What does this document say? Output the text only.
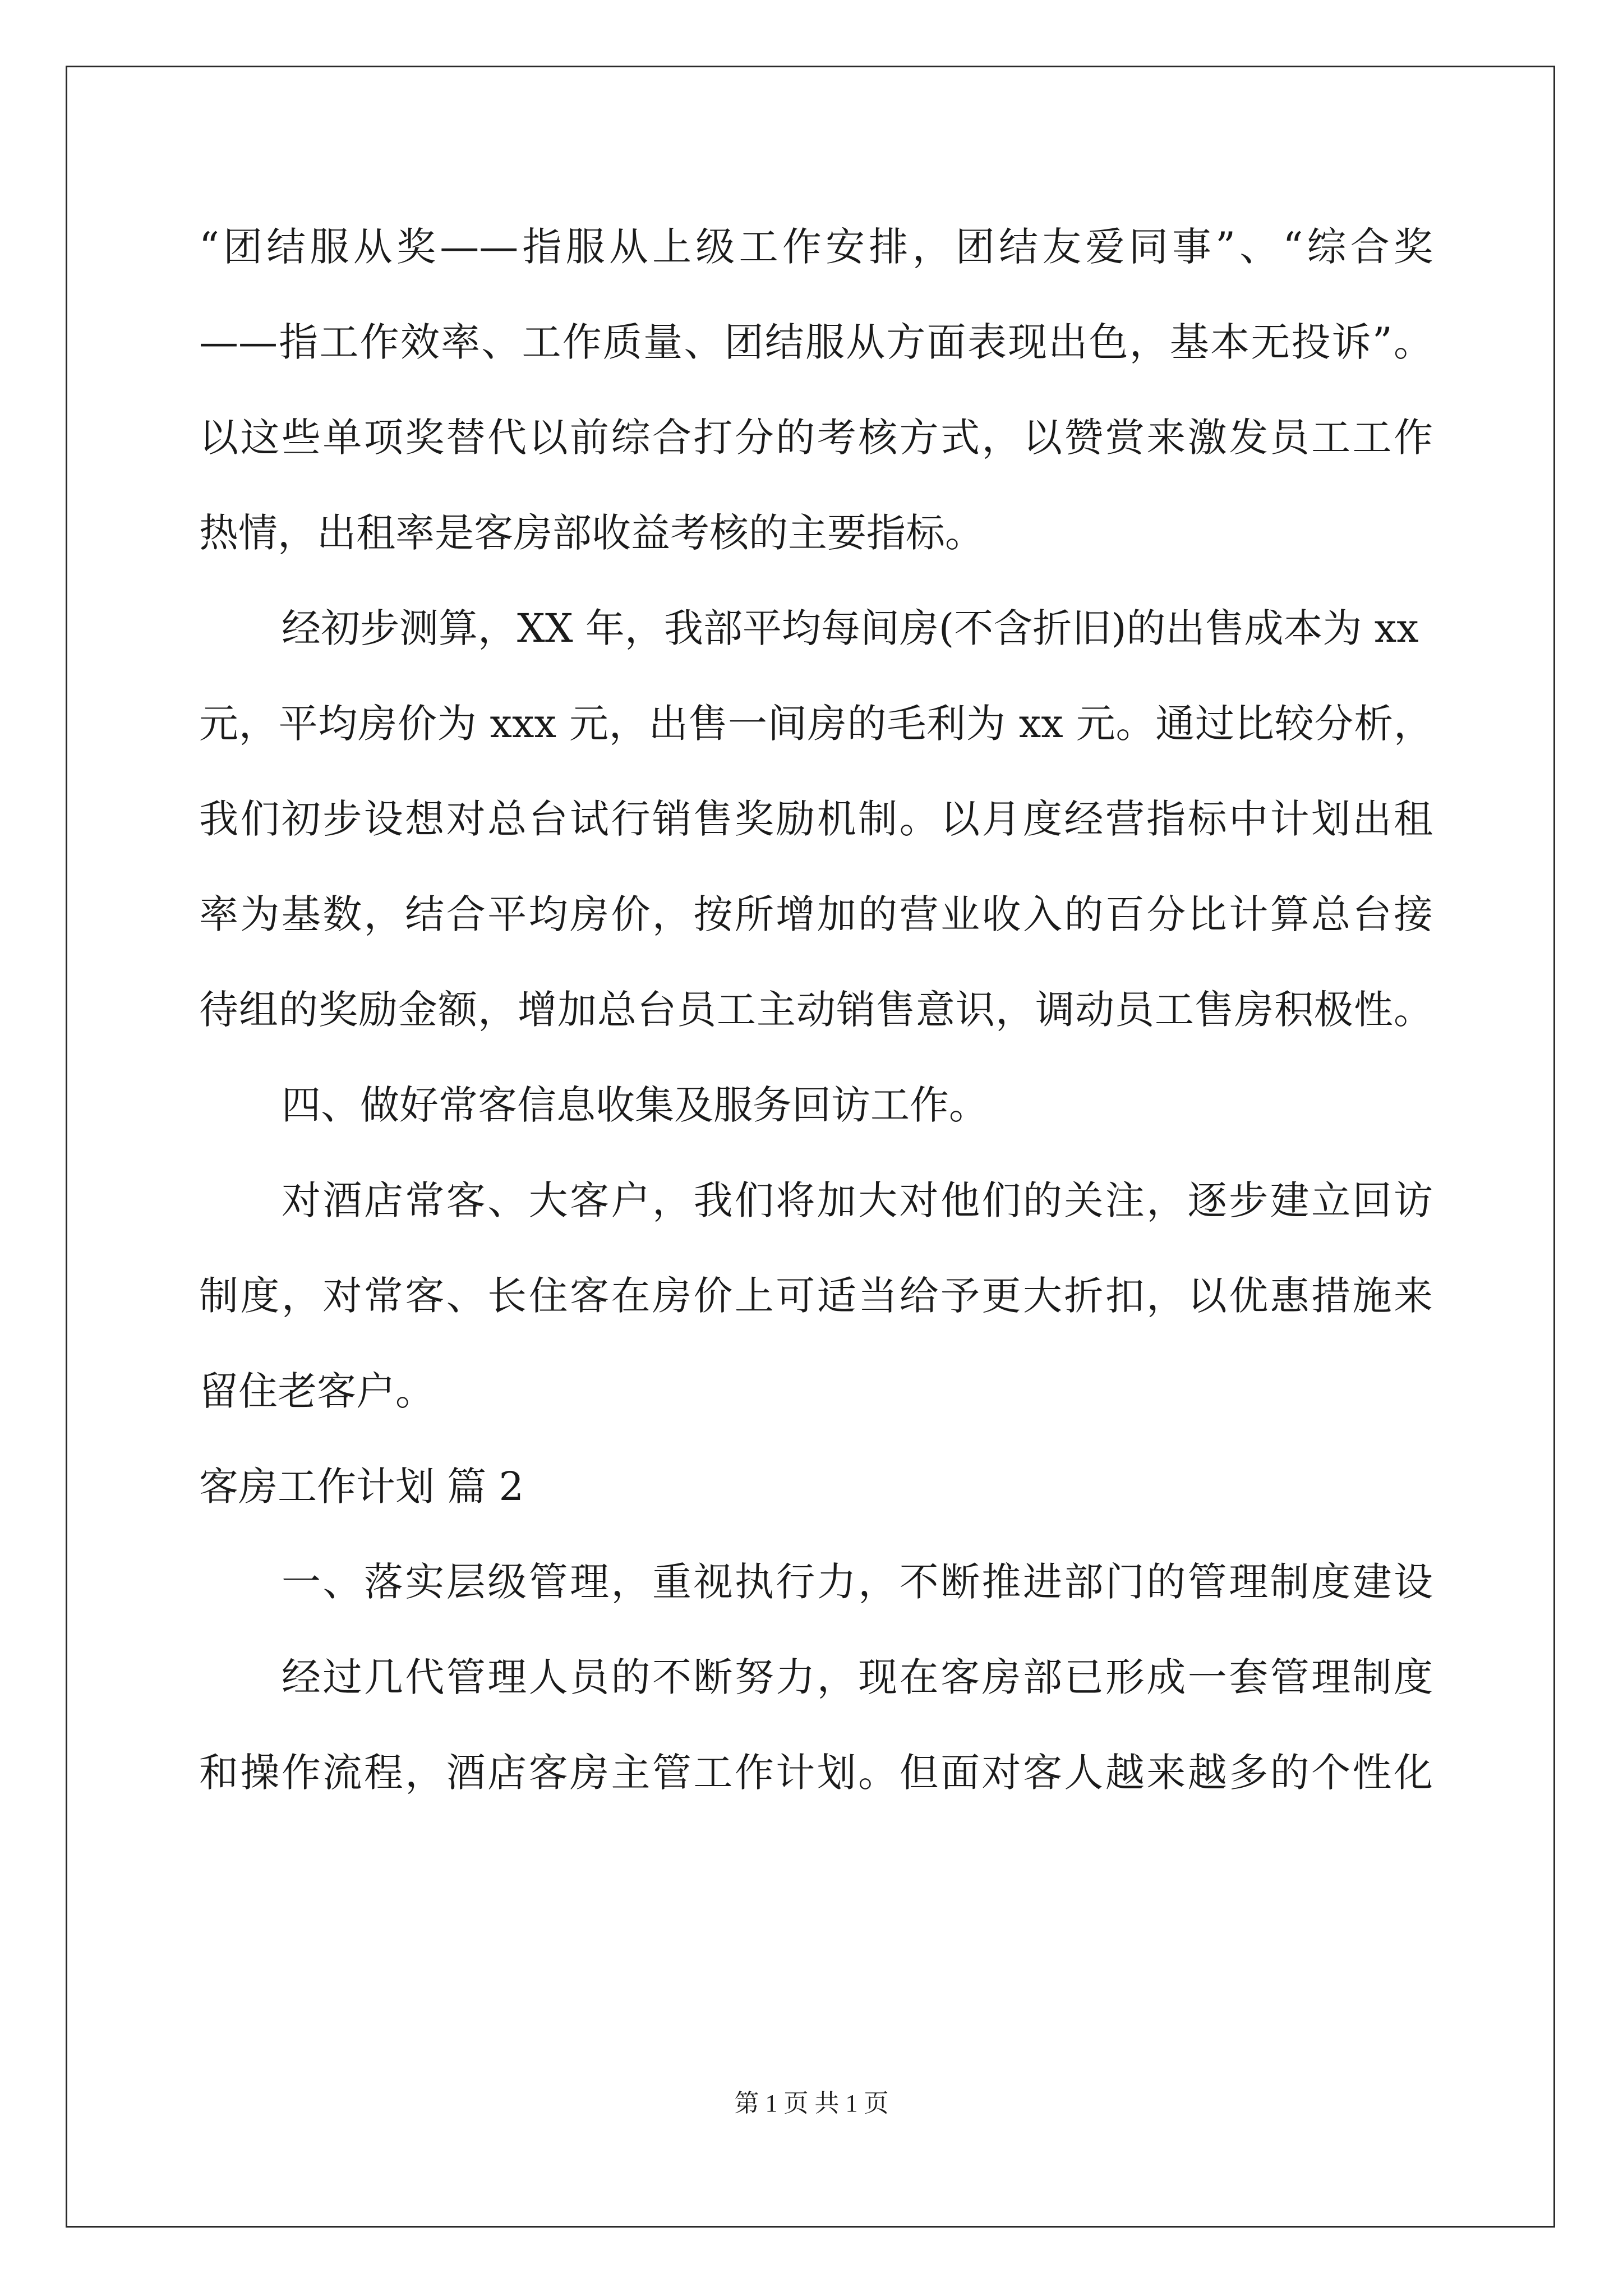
“团结服从奖——指服从上级工作安排，团结友爱同事”、“综合奖
——指工作效率、工作质量、团结服从方面表现出色，基本无投诉”。
以这些单项奖替代以前综合打分的考核方式，以赞赏来激发员工工作
热情，出租率是客房部收益考核的主要指标。
经初步测算，XX 年，我部平均每间房(不含折旧)的出售成本为 xx
元，平均房价为 xxx 元，出售一间房的毛利为 xx 元。通过比较分析，
我们初步设想对总台试行销售奖励机制。以月度经营指标中计划出租
率为基数，结合平均房价，按所增加的营业收入的百分比计算总台接
待组的奖励金额，增加总台员工主动销售意识，调动员工售房积极性。
四、做好常客信息收集及服务回访工作。
对酒店常客、大客户，我们将加大对他们的关注，逐步建立回访
制度，对常客、长住客在房价上可适当给予更大折扣，以优惠措施来
留住老客户。
客房工作计划 篇 2
一、落实层级管理，重视执行力，不断推进部门的管理制度建设
经过几代管理人员的不断努力，现在客房部已形成一套管理制度
和操作流程，酒店客房主管工作计划。但面对客人越来越多的个性化
第 1 页 共 1 页
